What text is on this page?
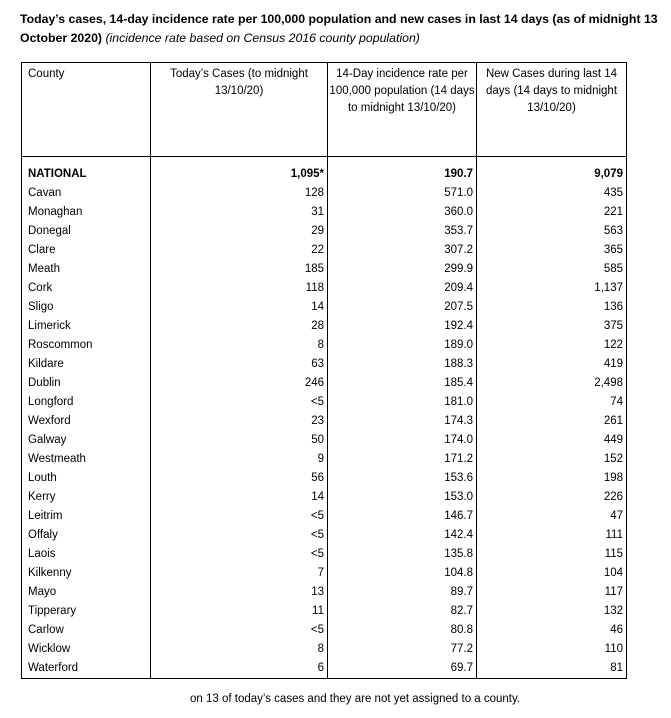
Today’s cases, 14-day incidence rate per 100,000 population and new cases in last 14 days (as of midnight 13 October 2020) (incidence rate based on Census 2016 county population)
County	Today’s Cases (to midnight 13/10/20)	14-Day incidence rate per 100,000 population (14 days to midnight 13/10/20)	New Cases during last 14 days (14 days to midnight 13/10/20)

NATIONAL	1,095*	190.7	9,079
Cavan	128	571.0	435
Monaghan	31	360.0	221
Donegal	29	353.7	563
Clare	22	307.2	365
Meath	185	299.9	585
Cork	118	209.4	1,137
Sligo	14	207.5	136
Limerick	28	192.4	375
Roscommon	8	189.0	122
Kildare	63	188.3	419
Dublin	246	185.4	2,498
Longford	<5	181.0	74
Wexford	23	174.3	261
Galway	50	174.0	449
Westmeath	9	171.2	152
Louth	56	153.6	198
Kerry	14	153.0	226
Leitrim	<5	146.7	47
Offaly	<5	142.4	111
Laois	<5	135.8	115
Kilkenny	7	104.8	104
Mayo	13	89.7	117
Tipperary	11	82.7	132
Carlow	<5	80.8	46
Wicklow	8	77.2	110
Waterford	6	69.7	81
on 13 of today’s cases and they are not yet assigned to a county.
